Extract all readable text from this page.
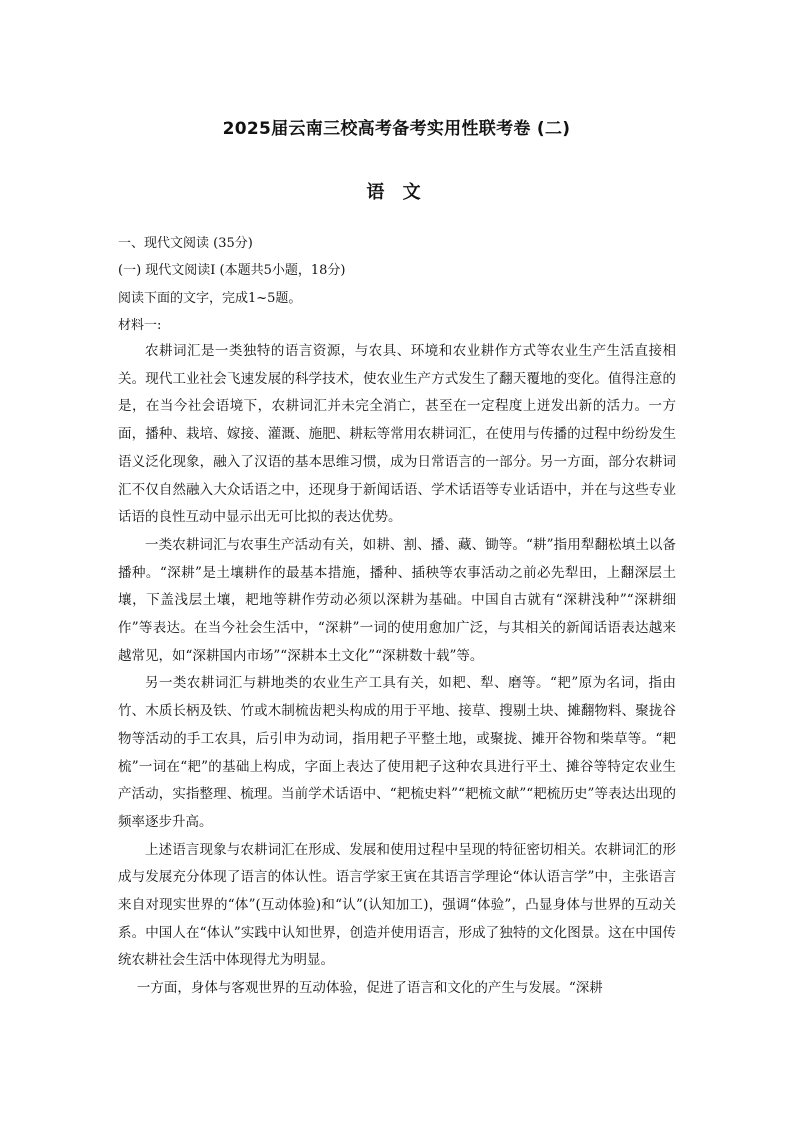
2025届云南三校高考备考实用性联考卷 (二)
语 文
一、现代文阅读 (35分)
(一) 现代文阅读Ⅰ (本题共5小题，18分)
阅读下面的文字，完成1~5题。
材料一:

农耕词汇是一类独特的语言资源，与农具、环境和农业耕作方式等农业生产生活直接相关。现代工业社会飞速发展的科学技术，使农业生产方式发生了翻天覆地的变化。值得注意的是，在当今社会语境下，农耕词汇并未完全消亡，甚至在一定程度上迸发出新的活力。一方面，播种、栽培、嫁接、灌溉、施肥、耕耘等常用农耕词汇，在使用与传播的过程中纷纷发生语义泛化现象，融入了汉语的基本思维习惯，成为日常语言的一部分。另一方面，部分农耕词汇不仅自然融入大众话语之中，还现身于新闻话语、学术话语等专业话语中，并在与这些专业话语的良性互动中显示出无可比拟的表达优势。

一类农耕词汇与农事生产活动有关，如耕、割、播、藏、锄等。“耕”指用犁翻松填土以备播种。“深耕”是土壤耕作的最基本措施，播种、插秧等农事活动之前必先犁田，上翻深层土壤，下盖浅层土壤，耙地等耕作劳动必须以深耕为基础。中国自古就有“深耕浅种”“深耕细作”等表达。在当今社会生活中，“深耕”一词的使用愈加广泛，与其相关的新闻话语表达越来越常见，如“深耕国内市场”“深耕本土文化”“深耕数十载”等。

另一类农耕词汇与耕地类的农业生产工具有关，如耙、犁、磨等。“耙”原为名词，指由竹、木质长柄及铁、竹或木制梳齿耙头构成的用于平地、接草、搜剔土块、摊翻物料、聚拢谷物等活动的手工农具，后引申为动词，指用耙子平整土地，或聚拢、摊开谷物和柴草等。“耙梳”一词在“耙”的基础上构成，字面上表达了使用耙子这种农具进行平土、摊谷等特定农业生产活动，实指整理、梳理。当前学术话语中、“耙梳史料”“耙梳文献”“耙梳历史”等表达出现的频率逐步升高。

上述语言现象与农耕词汇在形成、发展和使用过程中呈现的特征密切相关。农耕词汇的形成与发展充分体现了语言的体认性。语言学家王寅在其语言学理论“体认语言学”中，主张语言来自对现实世界的“体”(互动体验)和“认”(认知加工)，强调“体验”，凸显身体与世界的互动关系。中国人在“体认”实践中认知世界，创造并使用语言，形成了独特的文化图景。这在中国传统农耕社会生活中体现得尤为明显。

一方面，身体与客观世界的互动体验，促进了语言和文化的产生与发展。“深耕
